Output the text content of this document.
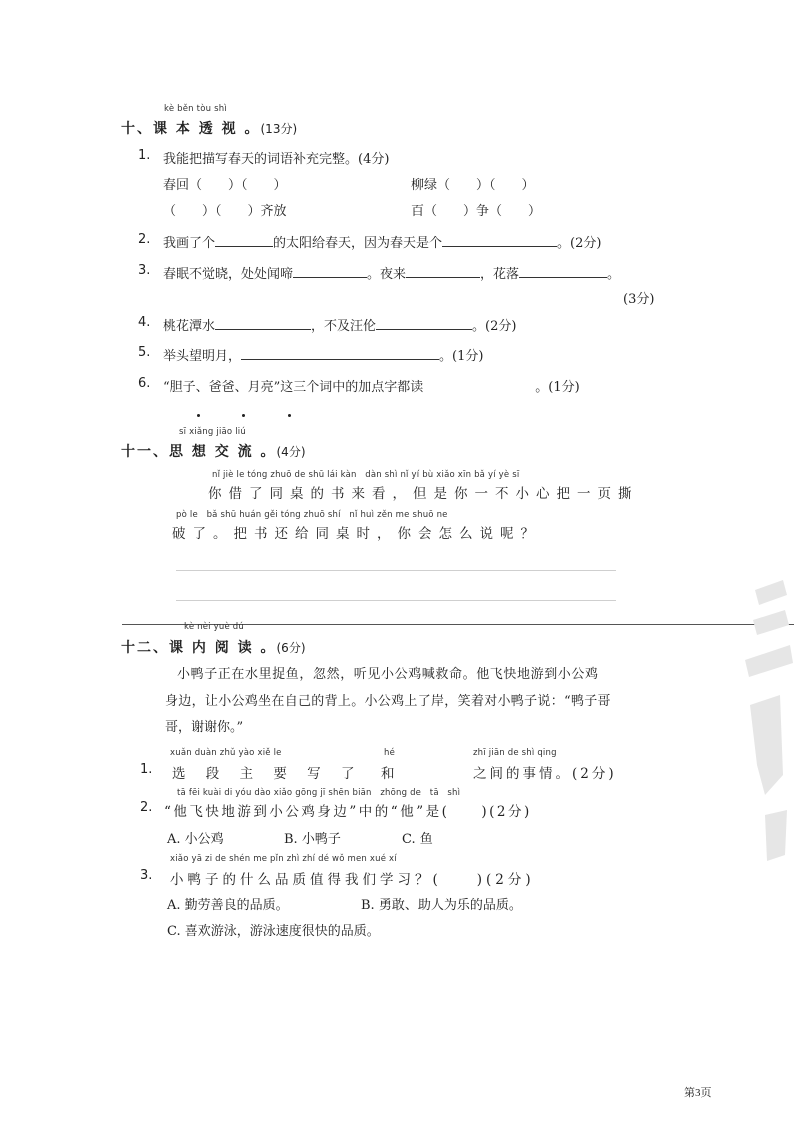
kè běn tòu shì
十、课 本 透 视 。(13分)
1. 我能把描写春天的词语补充完整。(4分)
春回（　　）（　　）	柳绿（　　）（　　）
（　　）（　　）齐放	百（　　）争（　　）
2. 我画了个	的太阳给春天，因为春天是个	。(2分)
3. 春眠不觉晓，处处闻啼	。夜来	，花落	。
(3分)
4. 桃花潭水	，不及汪伦	。(2分)
5. 举头望明月，	。(1分)
6. “胆子、爸爸、月亮”这三个词中的加点字都读	。(1分)
sī xiǎng jiāo liú
十一、思 想 交 流 。(4分)
nǐ jiè le tóng zhuō de shū lái kàn　dàn shì nǐ yí bù xiǎo xīn bǎ yí yè sī
你借了同桌的书来看，但是你一不小心把一页撕
pò le　bǎ shū huán gěi tóng zhuō shí　nǐ huì zěn me shuō ne
破了。把书还给同桌时，你会怎么说呢？
kè nèi yuè dú
十二、课 内 阅 读 。(6分)
小鸭子正在水里捉鱼，忽然，听见小公鸡喊救命。他飞快地游到小公鸡
身边，让小公鸡坐在自己的背上。小公鸡上了岸，笑着对小鸭子说：“鸭子哥
哥，谢谢你。”
xuǎn duàn zhǔ yào xiě le	hé	zhī jiān de shì qing
1. 选 段 主 要 写 了 和	之间的事情。(2分)
tā fēi kuài di yóu dào xiǎo gōng jī shēn biān　zhōng de　tā　shì
2. “他飞快地游到小公鸡身边”中的“他”是(　　)(2分)
A. 小公鸡	B. 小鸭子	C. 鱼
xiǎo yā zi de shén me pǐn zhì zhí dé wǒ men xué xí
3. 小鸭子的什么品质值得我们学习？(　　)(2分)
A. 勤劳善良的品质。	B. 勇敢、助人为乐的品质。
C. 喜欢游泳，游泳速度很快的品质。
第3页
